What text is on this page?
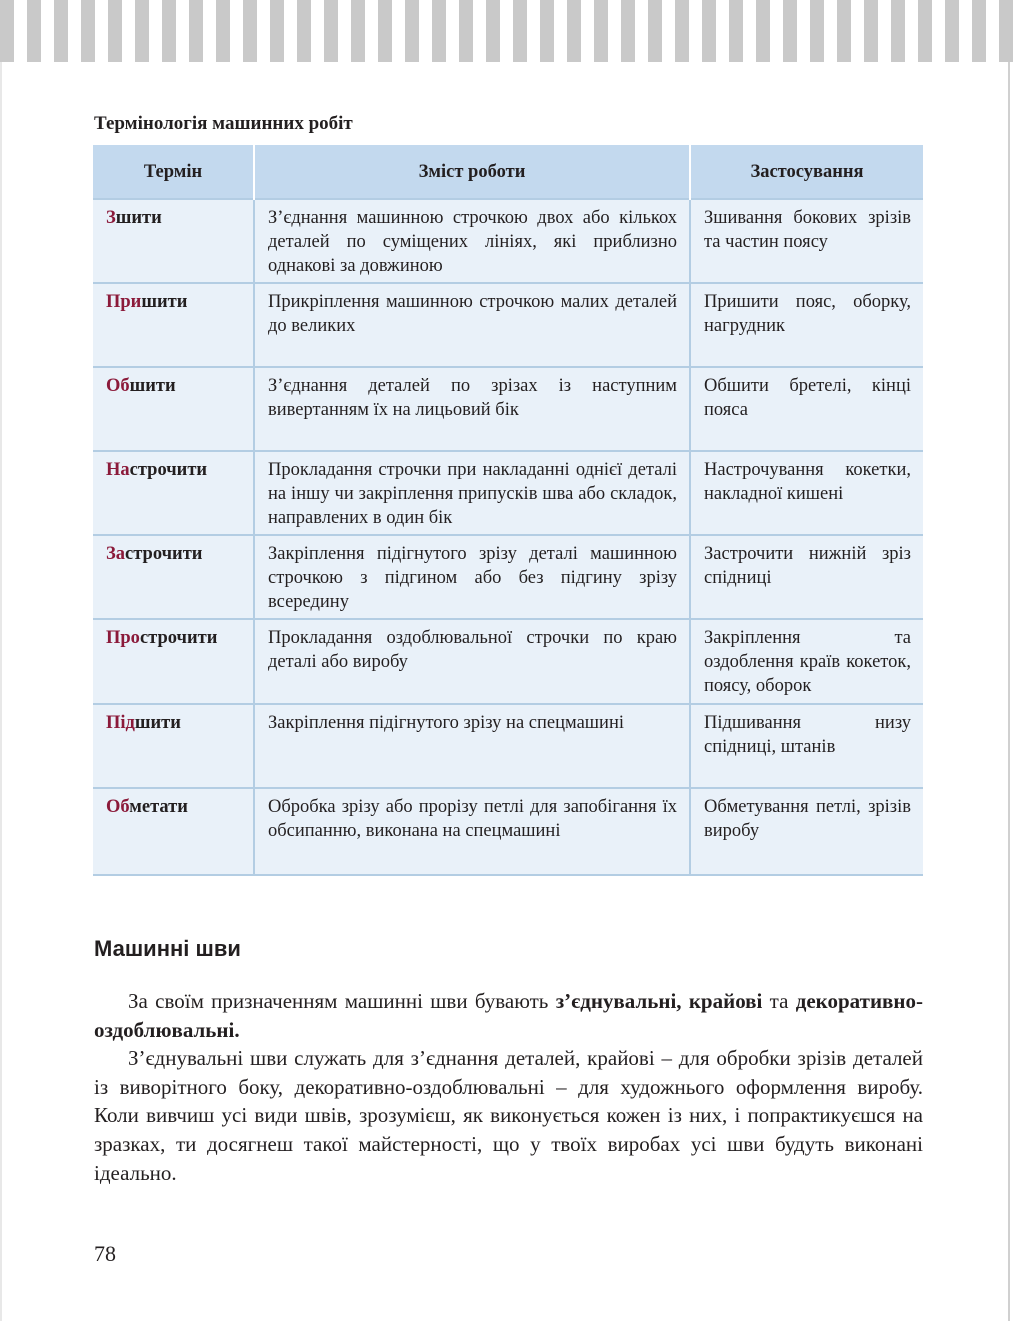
Термінологія машинних робіт
Термін	Зміст роботи	Застосування
Зшити	З’єднання машинною строчкою двох або кількох деталей по суміщених лініях, які приблизно однакові за довжиною	Зшивання бокових зрізів та частин поясу
Пришити	Прикріплення машинною строчкою малих деталей до великих	Пришити пояс, оборку, нагрудник
Обшити	З’єднання деталей по зрізах із наступним вивертанням їх на лицьовий бік	Обшити бретелі, кінці пояса
Настрочити	Прокладання строчки при накладанні однієї деталі на іншу чи закріплення припусків шва або складок, направлених в один бік	Настрочування кокетки, накладної кишені
Застрочити	Закріплення підігнутого зрізу деталі машинною строчкою з підгином або без підгину зрізу всередину	Застрочити нижній зріз спідниці
Прострочити	Прокладання оздоблювальної строчки по краю деталі або виробу	Закріплення та оздоблення країв кокеток, поясу, оборок
Підшити	Закріплення підігнутого зрізу на спецмашині	Підшивання низу спідниці, штанів
Обметати	Обробка зрізу або прорізу петлі для запобігання їх обсипанню, виконана на спецмашині	Обметування петлі, зрізів виробу
Машинні шви

За своїм призначенням машинні шви бувають з’єднувальні, крайові та декоративно-оздоблювальні.

З’єднувальні шви служать для з’єднання деталей, крайові – для обробки зрізів деталей із виворітного боку, декоративно-оздоблювальні – для художнього оформлення виробу. Коли вивчиш усі види швів, зрозумієш, як виконується кожен із них, і попрактикуєшся на зразках, ти досягнеш такої майстерності, що у твоїх виробах усі шви будуть виконані ідеально.

78
